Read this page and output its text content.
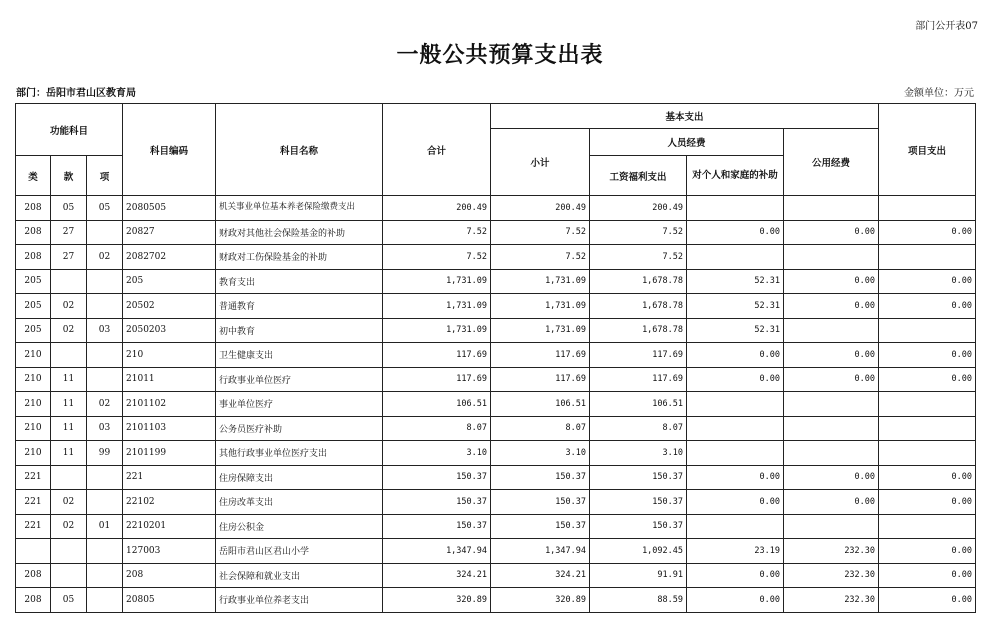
部门公开表07
一般公共预算支出表
部门：岳阳市君山区教育局	金额单位：万元
功能科目			科目编码	科目名称	合计	基本支出				项目支出
						小计	人员经费		公用经费	
类	款	项					工资福利支出	对个人和家庭的补助		
208	05	05	2080505	机关事业单位基本养老保险缴费支出	200.49	200.49	200.49			
208	27		20827	财政对其他社会保险基金的补助	7.52	7.52	7.52	0.00	0.00	0.00
208	27	02	2082702	财政对工伤保险基金的补助	7.52	7.52	7.52			
205			205	教育支出	1,731.09	1,731.09	1,678.78	52.31	0.00	0.00
205	02		20502	普通教育	1,731.09	1,731.09	1,678.78	52.31	0.00	0.00
205	02	03	2050203	初中教育	1,731.09	1,731.09	1,678.78	52.31		
210			210	卫生健康支出	117.69	117.69	117.69	0.00	0.00	0.00
210	11		21011	行政事业单位医疗	117.69	117.69	117.69	0.00	0.00	0.00
210	11	02	2101102	事业单位医疗	106.51	106.51	106.51			
210	11	03	2101103	公务员医疗补助	8.07	8.07	8.07			
210	11	99	2101199	其他行政事业单位医疗支出	3.10	3.10	3.10			
221			221	住房保障支出	150.37	150.37	150.37	0.00	0.00	0.00
221	02		22102	住房改革支出	150.37	150.37	150.37	0.00	0.00	0.00
221	02	01	2210201	住房公积金	150.37	150.37	150.37			
			127003	岳阳市君山区君山小学	1,347.94	1,347.94	1,092.45	23.19	232.30	0.00
208			208	社会保障和就业支出	324.21	324.21	91.91	0.00	232.30	0.00
208	05		20805	行政事业单位养老支出	320.89	320.89	88.59	0.00	232.30	0.00
